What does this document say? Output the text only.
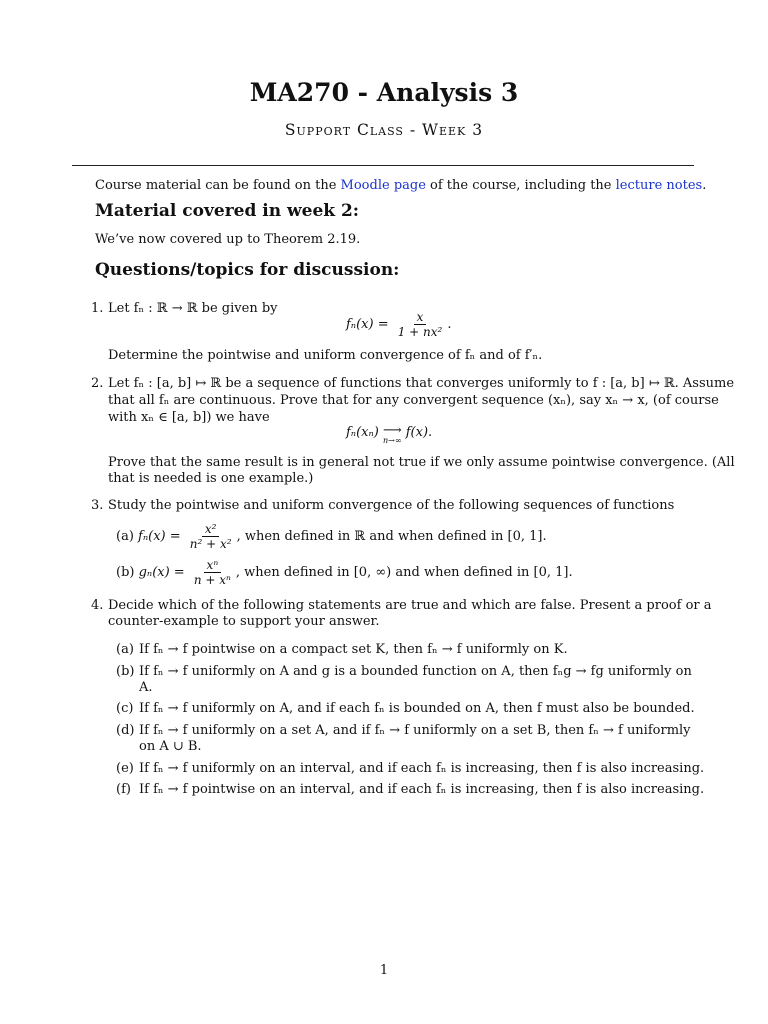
MA270 - Analysis 3
Support Class - Week 3
Course material can be found on the Moodle page of the course, including the lecture notes.
Material covered in week 2:
We’ve now covered up to Theorem 2.19.
Questions/topics for discussion:
1. Let fₙ : ℝ → ℝ be given by
$f_n(x) = \frac{x}{\text{1 + nx²}}$ .
Determine the pointwise and uniform convergence of fₙ and of f′ₙ.
2. Let fₙ : [a, b] ↦ ℝ be a sequence of functions that converges uniformly to f : [a, b] ↦ ℝ. Assume
that all fₙ are continuous. Prove that for any convergent sequence (xₙ), say xₙ → x, (of course
with xₙ ∈ [a, b]) we have
fₙ(xₙ) ⟶
n→∞
f(x).
Prove that the same result is in general not true if we only assume pointwise convergence. (All
that is needed is one example.)
3. Study the pointwise and uniform convergence of the following sequences of functions
(a) $f_n(x) = \frac{\text{x²}}{\text{n² + x²}}$ , when defined in ℝ and when defined in [0, 1].
(b) $g_n(x) = \frac{\text{xⁿ}}{\text{n + xⁿ}}$ , when defined in [0, ∞) and when defined in [0, 1].
4. Decide which of the following statements are true and which are false. Present a proof or a
counter-example to support your answer.
(a) If fₙ → f pointwise on a compact set K, then fₙ → f uniformly on K.
(b) If fₙ → f uniformly on A and g is a bounded function on A, then fₙg → fg uniformly on
A.
(c) If fₙ → f uniformly on A, and if each fₙ is bounded on A, then f must also be bounded.
(d) If fₙ → f uniformly on a set A, and if fₙ → f uniformly on a set B, then fₙ → f uniformly
on A ∪ B.
(e) If fₙ → f uniformly on an interval, and if each fₙ is increasing, then f is also increasing.
(f) If fₙ → f pointwise on an interval, and if each fₙ is increasing, then f is also increasing.
1
